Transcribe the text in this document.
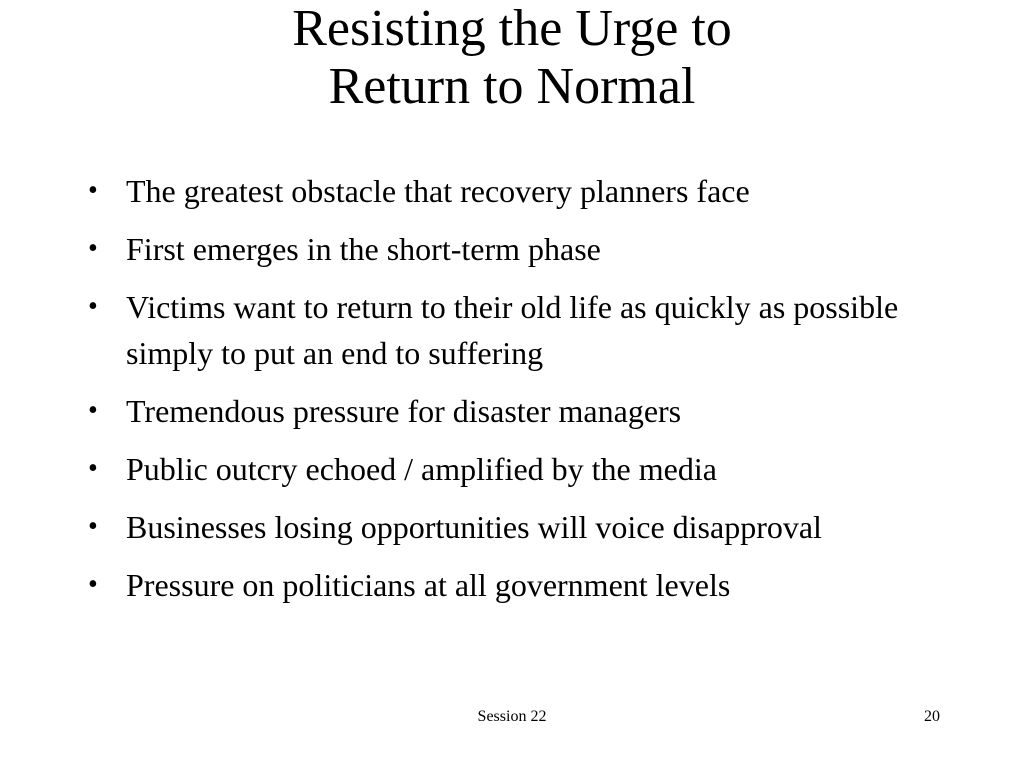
Resisting the Urge to
Return to Normal
• The greatest obstacle that recovery planners face
• First emerges in the short-term phase
• Victims want to return to their old life as quickly as possible simply to put an end to suffering
• Tremendous pressure for disaster managers
• Public outcry echoed / amplified by the media
• Businesses losing opportunities will voice disapproval
• Pressure on politicians at all government levels
Session 22	20
